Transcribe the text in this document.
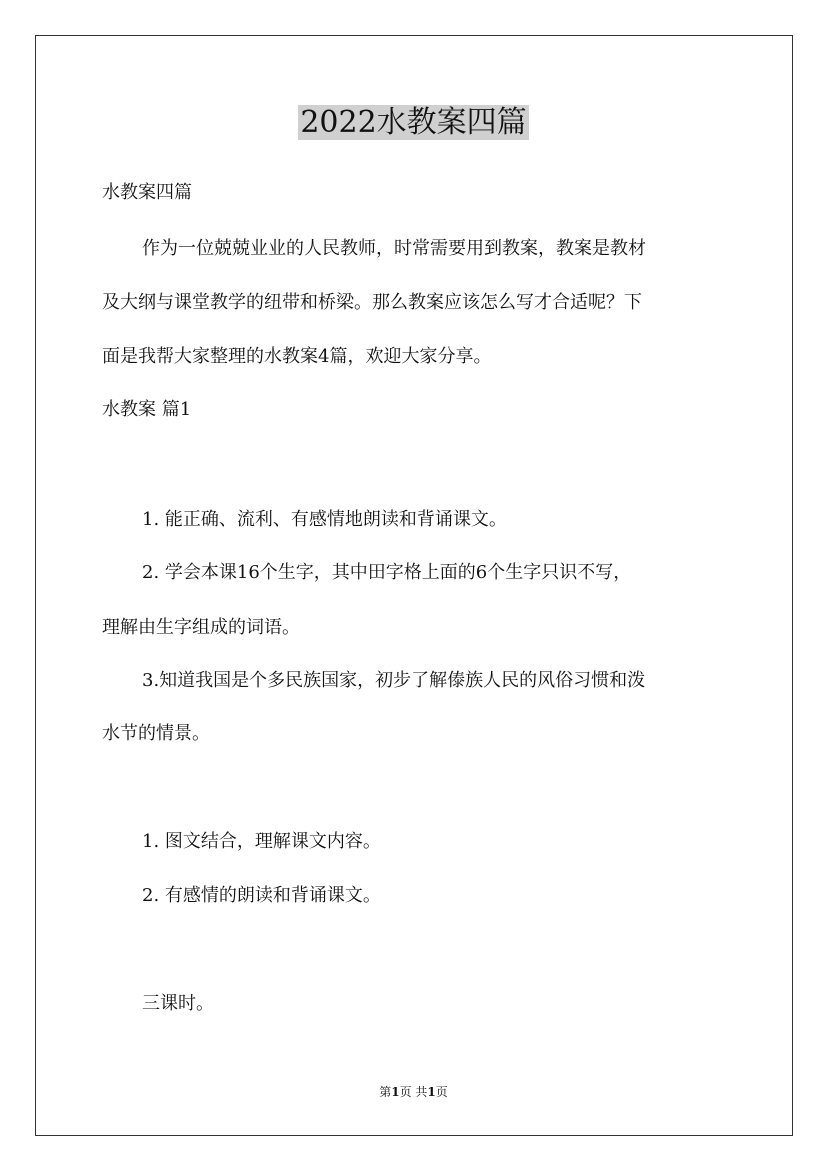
2022水教案四篇
水教案四篇
作为一位兢兢业业的人民教师，时常需要用到教案，教案是教材
及大纲与课堂教学的纽带和桥梁。那么教案应该怎么写才合适呢？下
面是我帮大家整理的水教案4篇，欢迎大家分享。
水教案 篇1
1. 能正确、流利、有感情地朗读和背诵课文。
2. 学会本课16个生字，其中田字格上面的6个生字只识不写，
理解由生字组成的词语。
3.知道我国是个多民族国家，初步了解傣族人民的风俗习惯和泼
水节的情景。
1. 图文结合，理解课文内容。
2. 有感情的朗读和背诵课文。
三课时。
第1页 共1页
